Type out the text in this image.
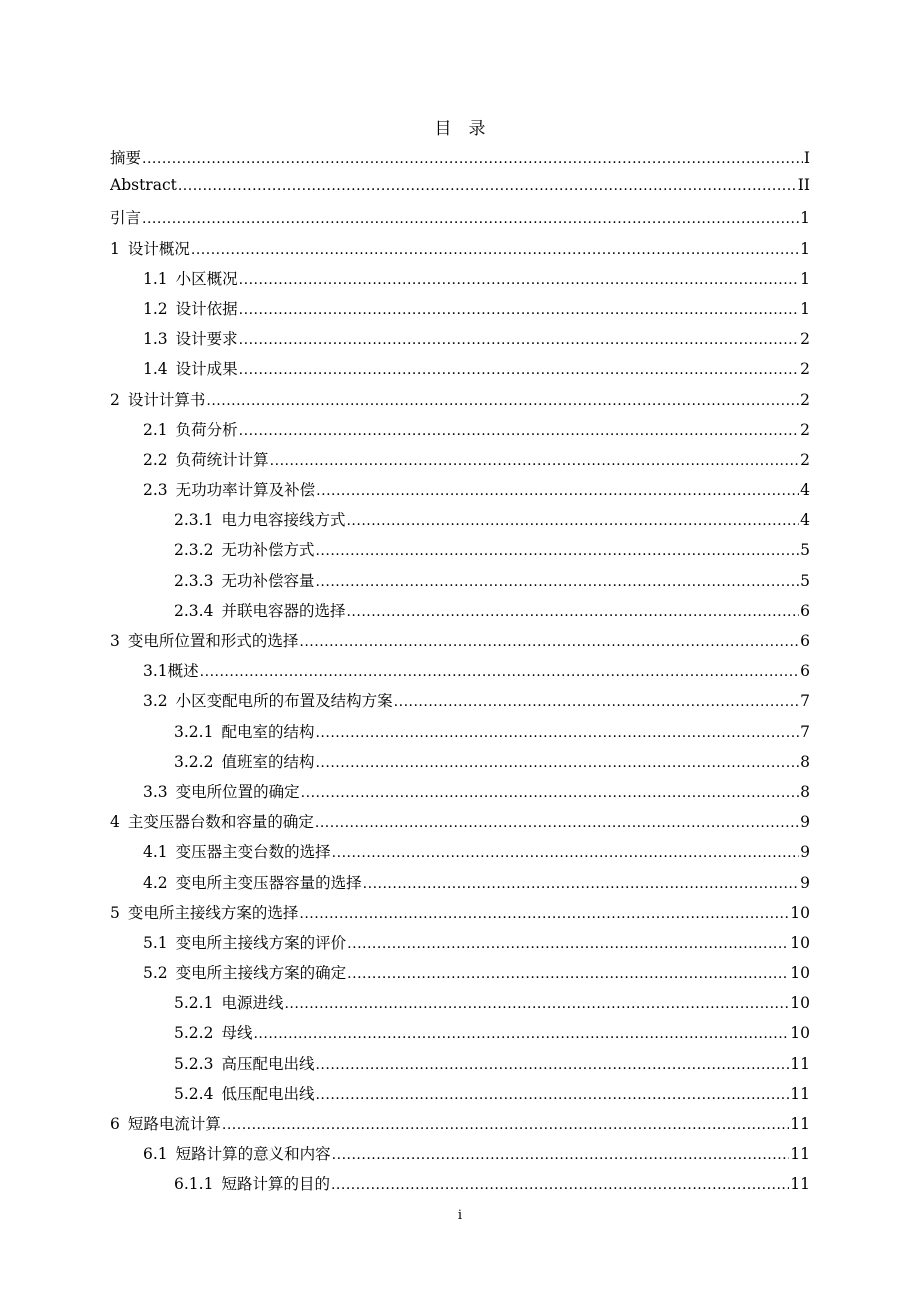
目　录
摘要 .....	I
Abstract .....	II
引言 .....	1
1 设计概况 .....	1
1.1 小区概况 .....	1
1.2 设计依据 .....	1
1.3 设计要求 .....	2
1.4 设计成果 .....	2
2 设计计算书 .....	2
2.1 负荷分析 .....	2
2.2 负荷统计计算 .....	2
2.3 无功功率计算及补偿 .....	4
2.3.1 电力电容接线方式 .....	4
2.3.2 无功补偿方式 .....	5
2.3.3 无功补偿容量 .....	5
2.3.4 并联电容器的选择 .....	6
3 变电所位置和形式的选择 .....	6
3.1 概述 .....	6
3.2 小区变配电所的布置及结构方案 .....	7
3.2.1 配电室的结构 .....	7
3.2.2 值班室的结构 .....	8
3.3 变电所位置的确定 .....	8
4 主变压器台数和容量的确定 .....	9
4.1 变压器主变台数的选择 .....	9
4.2 变电所主变压器容量的选择 .....	9
5 变电所主接线方案的选择 .....	10
5.1 变电所主接线方案的评价 .....	10
5.2 变电所主接线方案的确定 .....	10
5.2.1 电源进线 .....	10
5.2.2 母线 .....	10
5.2.3 高压配电出线 .....	11
5.2.4 低压配电出线 .....	11
6 短路电流计算 .....	11
6.1 短路计算的意义和内容 .....	11
6.1.1 短路计算的目的 .....	11
i
